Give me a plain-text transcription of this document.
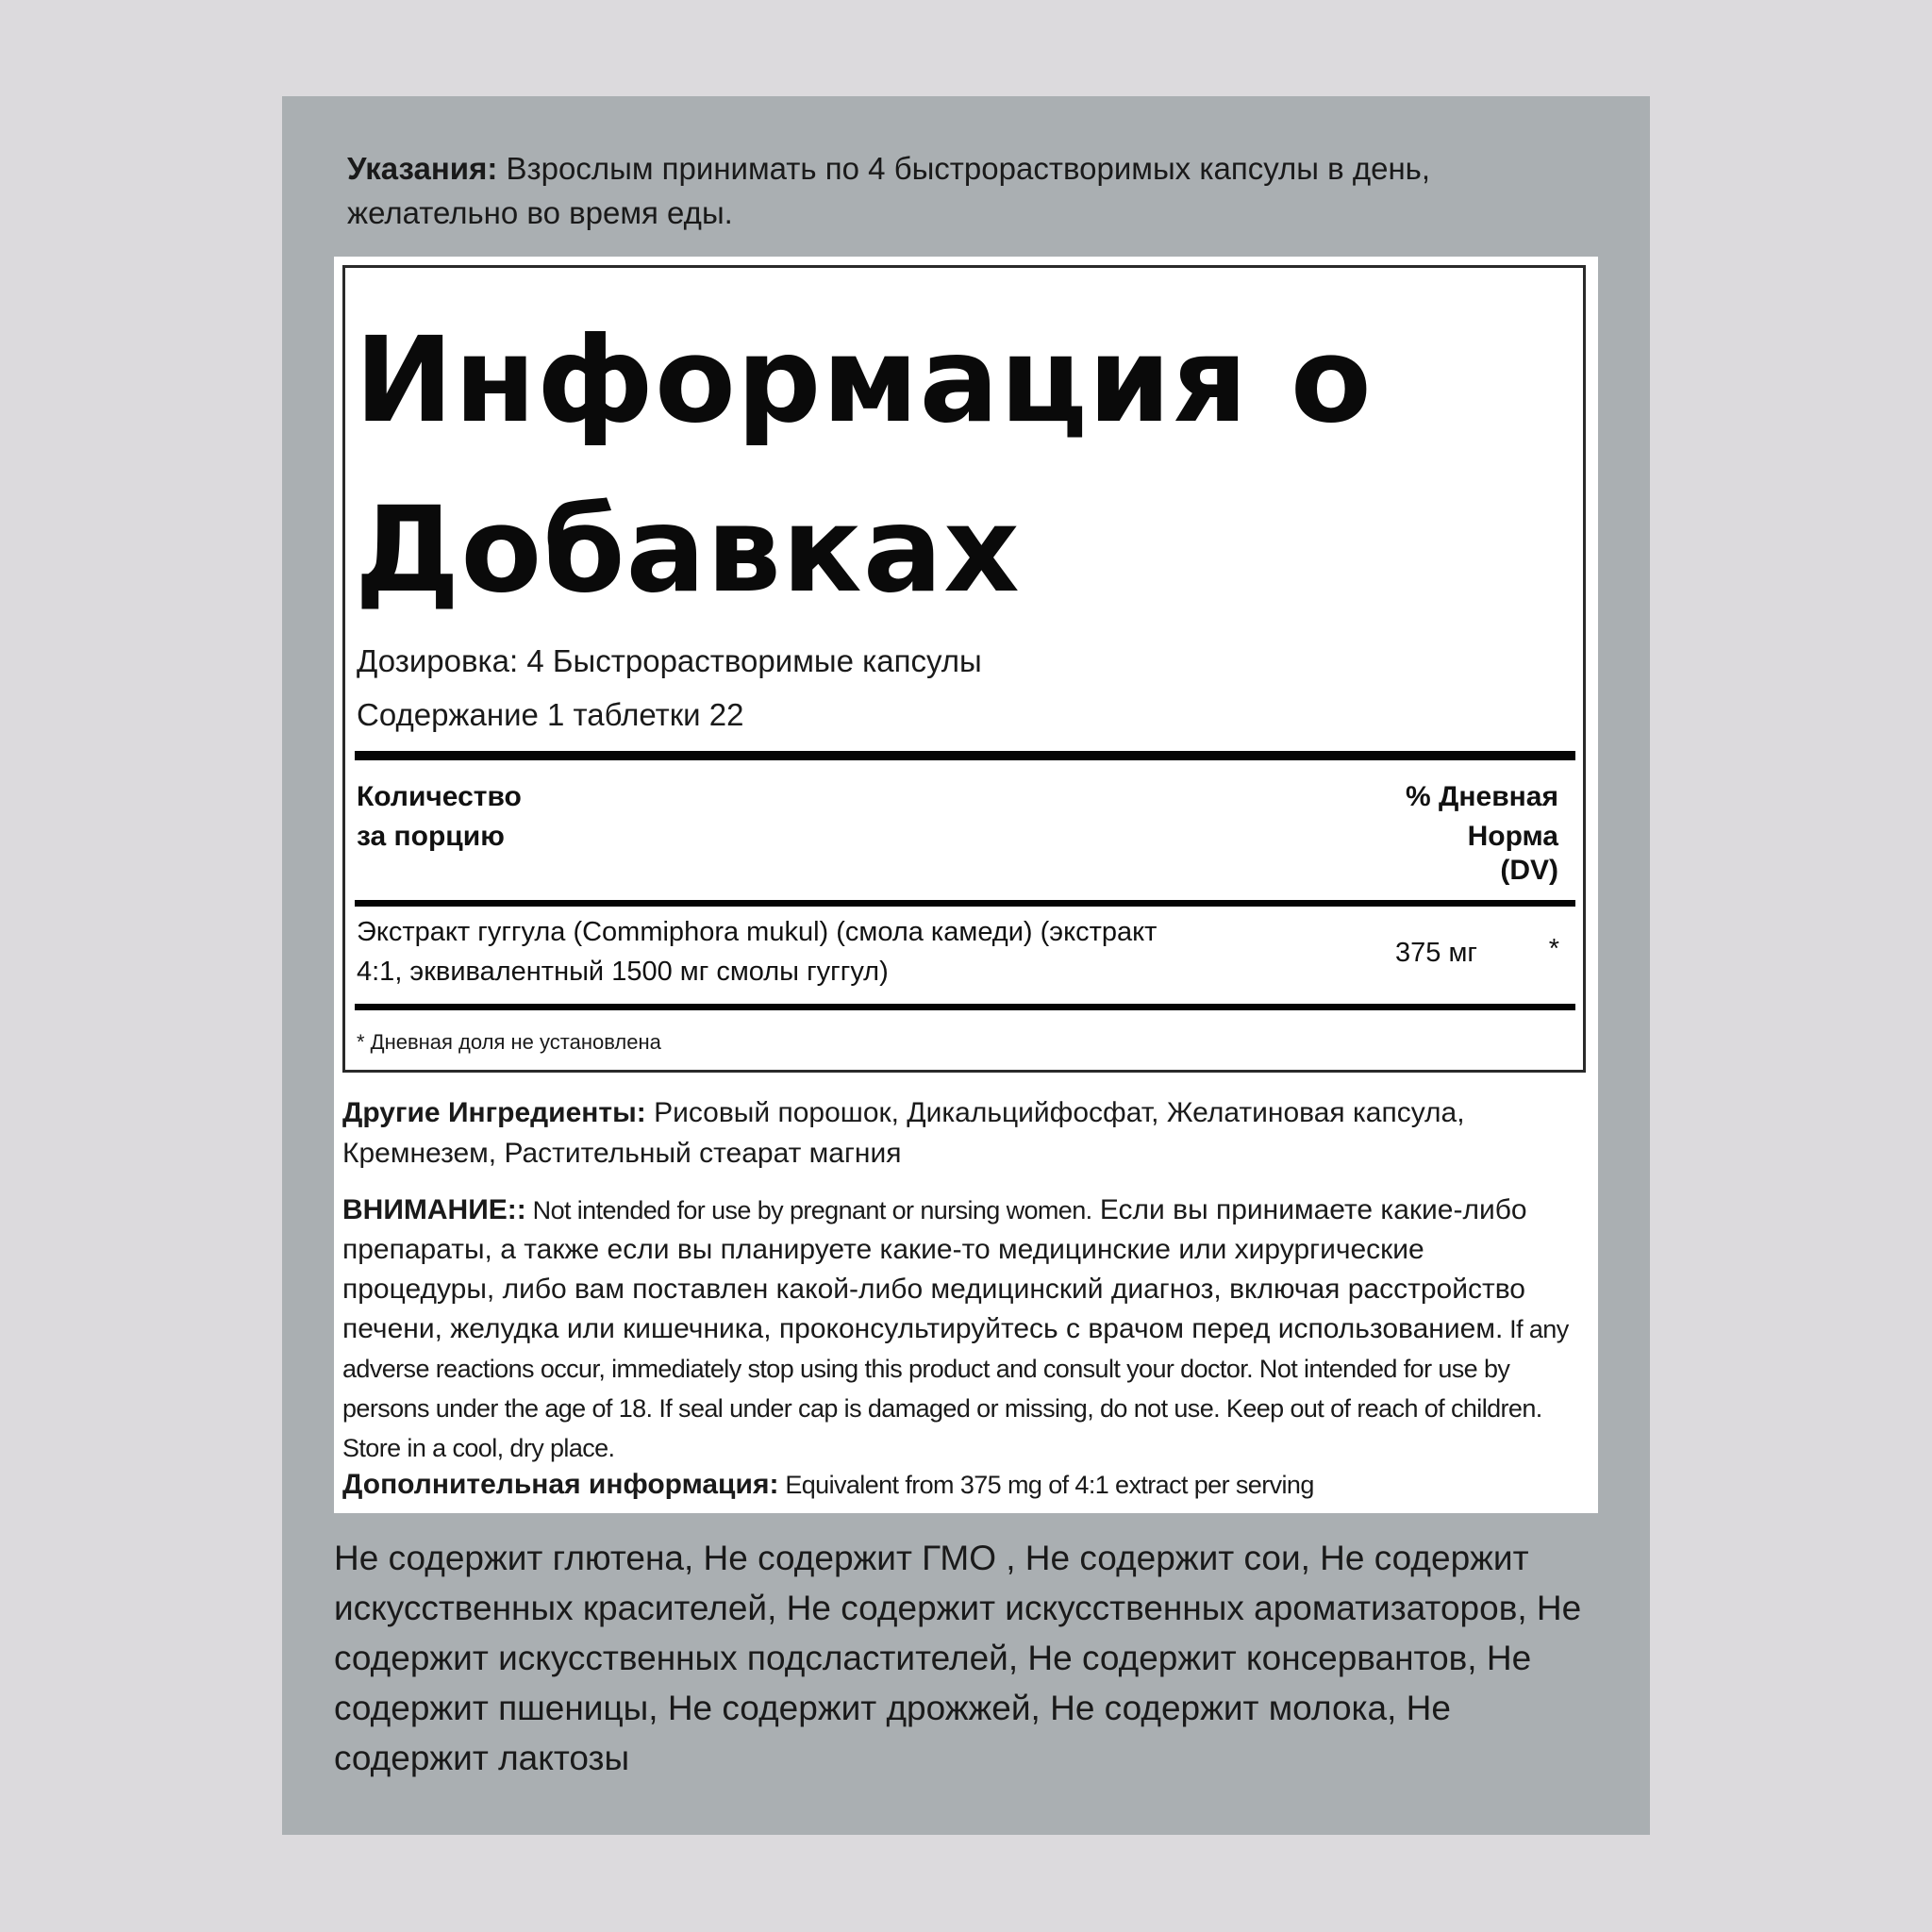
Указания: Взрослым принимать по 4 быстрорастворимых капсулы в день, желательно во время еды.
Информация о Добавках
Дозировка: 4 Быстрорастворимые капсулы
Содержание 1 таблетки 22
Количество
за порцию
% Дневная
Норма
(DV)
Экстракт гуггула (Commiphora mukul) (смола камеди) (экстракт 4:1, эквивалентный 1500 мг смолы гуггул)
375 мг	*
* Дневная доля не установлена
Другие Ингредиенты: Рисовый порошок, Дикальцийфосфат, Желатиновая капсула, Кремнезем, Растительный стеарат магния
ВНИМАНИЕ:: Not intended for use by pregnant or nursing women. Если вы принимаете какие-либо препараты, а также если вы планируете какие-то медицинские или хирургические процедуры, либо вам поставлен какой-либо медицинский диагноз, включая расстройство печени, желудка или кишечника, проконсультируйтесь с врачом перед использованием. If any adverse reactions occur, immediately stop using this product and consult your doctor. Not intended for use by persons under the age of 18. If seal under cap is damaged or missing, do not use. Keep out of reach of children. Store in a cool, dry place.
Дополнительная информация: Equivalent from 375 mg of 4:1 extract per serving
Не содержит глютена, Не содержит ГМО , Не содержит сои, Не содержит искусственных красителей, Не содержит искусственных ароматизаторов, Не содержит искусственных подсластителей, Не содержит консервантов, Не содержит пшеницы, Не содержит дрожжей, Не содержит молока, Не содержит лактозы
